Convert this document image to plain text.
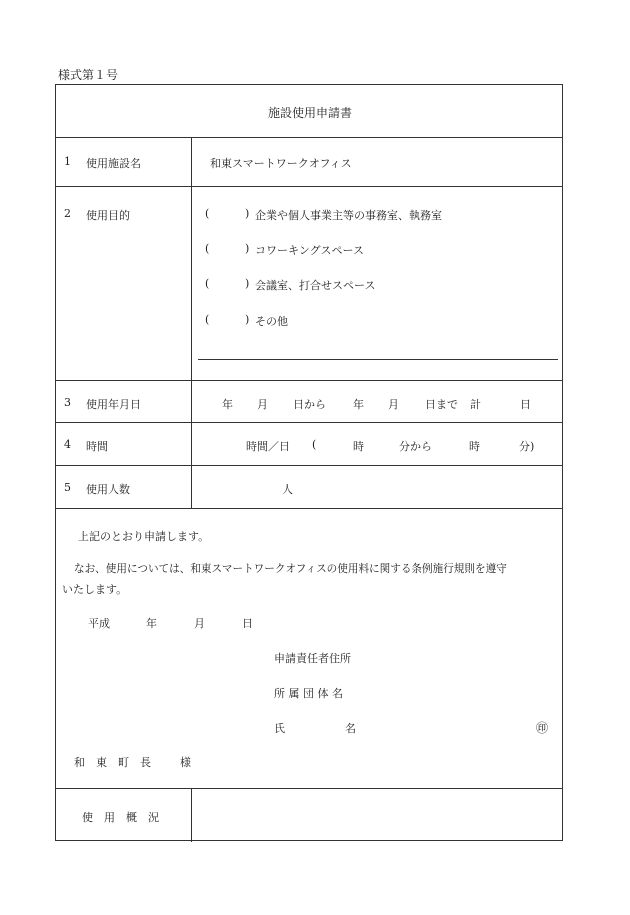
様式第１号
施設使用申請書
1 使用施設名	和東スマートワークオフィス
2 使用目的	(	) 企業や個人事業主等の事務室、執務室
(	) コワーキングスペース
(	) 会議室、打合せスペース
(	) その他
3 使用年月日	年 月 日から 年 月 日まで 計	日
4 時間	時間／日 (	時	分から	時	分)
5 使用人数	人
上記のとおり申請します。
なお、使用については、和東スマートワークオフィスの使用料に関する条例施行規則を遵守
いたします。
平成	年	月	日
申請責任者住所
所 属 団 体 名
氏	名	㊞
和　東　町　長	様
使　用　概　況
